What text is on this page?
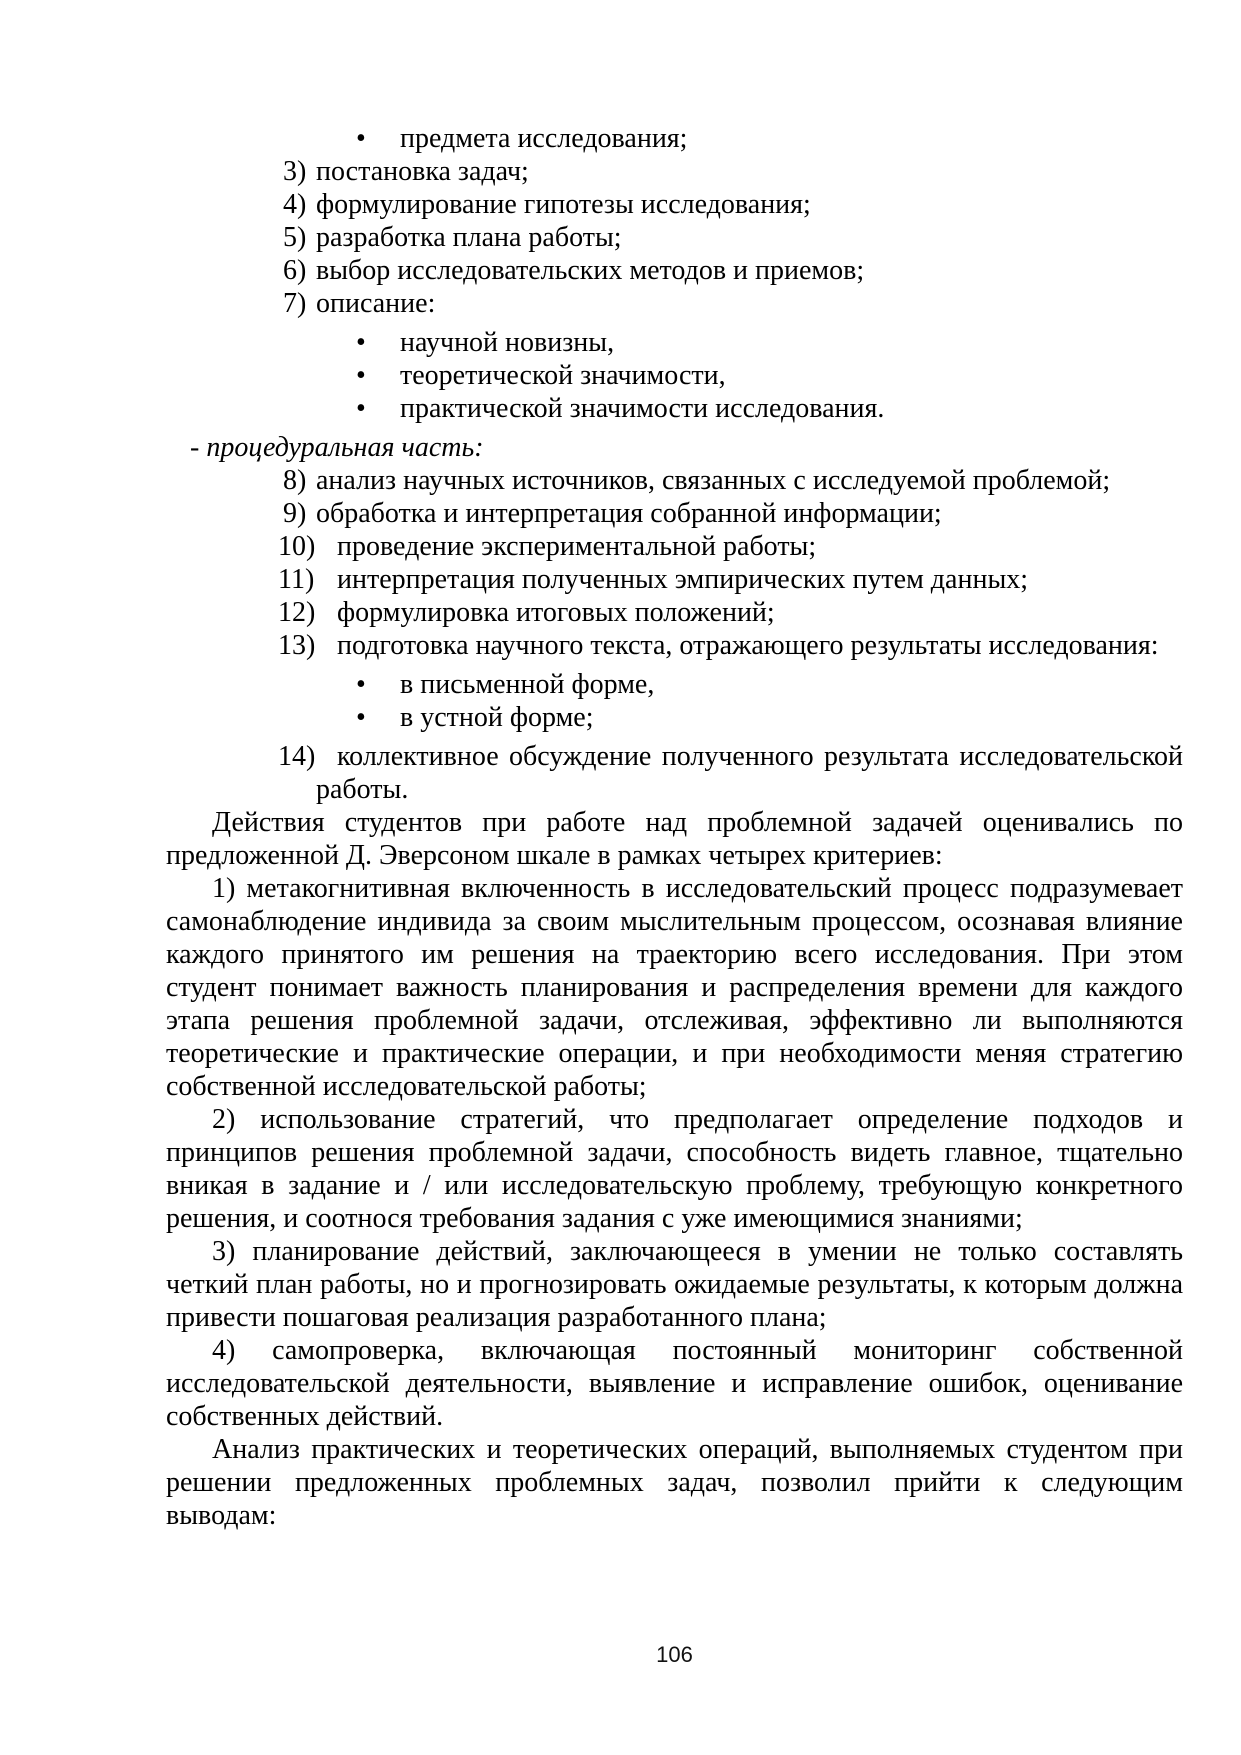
• предмета исследования;
3) постановка задач;
4) формулирование гипотезы исследования;
5) разработка плана работы;
6) выбор исследовательских методов и приемов;
7) описание:
• научной новизны,
• теоретической значимости,
• практической значимости исследования.

- процедуральная часть:

8) анализ научных источников, связанных с исследуемой проблемой;
9) обработка и интерпретация собранной информации;
10) проведение экспериментальной работы;
11) интерпретация полученных эмпирических путем данных;
12) формулировка итоговых положений;
13) подготовка научного текста, отражающего результаты исследования:
• в письменной форме,
• в устной форме;
14) коллективное обсуждение полученного результата исследовательской работы.

Действия студентов при работе над проблемной задачей оценивались по предложенной Д. Эверсоном шкале в рамках четырех критериев:

1) метакогнитивная включенность в исследовательский процесс подразумевает самонаблюдение индивида за своим мыслительным процессом, осознавая влияние каждого принятого им решения на траекторию всего исследования. При этом студент понимает важность планирования и распределения времени для каждого этапа решения проблемной задачи, отслеживая, эффективно ли выполняются теоретические и практические операции, и при необходимости меняя стратегию собственной исследовательской работы;

2) использование стратегий, что предполагает определение подходов и принципов решения проблемной задачи, способность видеть главное, тщательно вникая в задание и / или исследовательскую проблему, требующую конкретного решения, и соотнося требования задания с уже имеющимися знаниями;

3) планирование действий, заключающееся в умении не только составлять четкий план работы, но и прогнозировать ожидаемые результаты, к которым должна привести пошаговая реализация разработанного плана;

4) самопроверка, включающая постоянный мониторинг собственной исследовательской деятельности, выявление и исправление ошибок, оценивание собственных действий.

Анализ практических и теоретических операций, выполняемых студентом при решении предложенных проблемных задач, позволил прийти к следующим выводам:

106
